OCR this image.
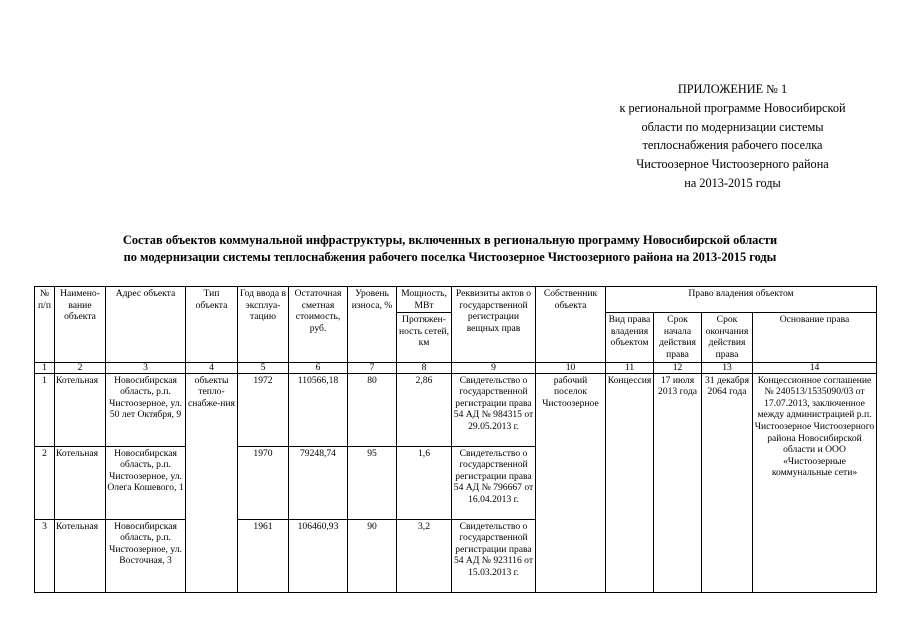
ПРИЛОЖЕНИЕ № 1
к региональной программе Новосибирской
области по модернизации системы
теплоснабжения рабочего поселка
Чистоозерное Чистоозерного района
на 2013-2015 годы
Состав объектов коммунальной инфраструктуры, включенных в региональную программу Новосибирской области
по модернизации системы теплоснабжения рабочего поселка Чистоозерное Чистоозерного района на 2013-2015 годы
№ п/п	Наимено-вание объекта	Адрес объекта	Тип объекта	Год ввода в эксплуа-тацию	Остаточная сметная стоимость, руб.	Уровень износа, %	Мощность, МВт	Реквизиты актов о государственной регистрации вещных прав	Собственник объекта	Право владения объектом			
							Протяжен-ность сетей, км			Вид права владения объектом	Срок начала действия права	Срок окончания действия права	Основание права
1	2	3	4	5	6	7	8	9	10	11	12	13	14
1	Котельная	Новосибирская область, р.п. Чистоозерное, ул. 50 лет Октября, 9	объекты тепло-снабже-ния	1972	110566,18	80	2,86	Свидетельство о государственной регистрации права 54 АД № 984315 от 29.05.2013 г.	рабочий поселок Чистоозерное	Концессия	17 июля 2013 года	31 декабря 2064 года	Концессионное соглашение № 240513/1535090/03 от 17.07.2013, заключенное между администрацией р.п. Чистоозерное Чистоозерного района Новосибирской области и ООО «Чистоозерные коммунальные сети»
2	Котельная	Новосибирская область, р.п. Чистоозерное, ул. Олега Кошевого, 1		1970	79248,74	95	1,6	Свидетельство о государственной регистрации права 54 АД № 796667 от 16.04.2013 г.					
3	Котельная	Новосибирская область, р.п. Чистоозерное, ул. Восточная, 3		1961	106460,93	90	3,2	Свидетельство о государственной регистрации права 54 АД № 923116 от 15.03.2013 г.					
